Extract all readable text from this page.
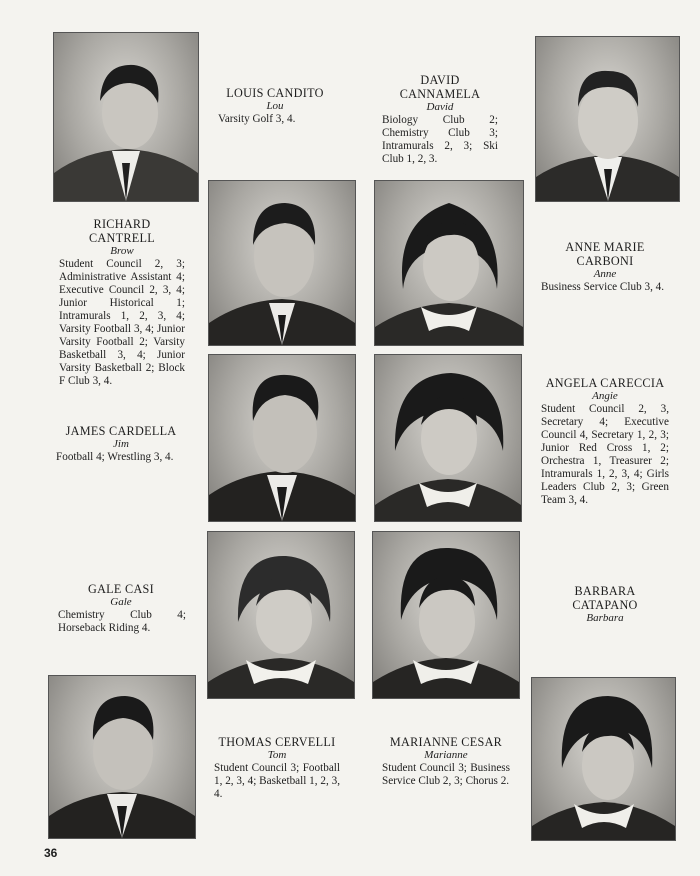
LOUIS CANDITO
Lou
Varsity Golf 3, 4.
DAVID CANNAMELA
David
Biology Club 2; Chemistry Club 3; Intramurals 2, 3; Ski Club 1, 2, 3.
RICHARD CANTRELL
Brow
Student Council 2, 3; Administrative Assistant 4; Executive Council 2, 3, 4; Junior Historical 1; Intramurals 1, 2, 3, 4; Varsity Football 3, 4; Junior Varsity Football 2; Varsity Basketball 3, 4; Junior Varsity Basketball 2; Block F Club 3, 4.
ANNE MARIE CARBONI
Anne
Business Service Club 3, 4.
JAMES CARDELLA
Jim
Football 4; Wrestling 3, 4.
ANGELA CARECCIA
Angie
Student Council 2, 3, Secretary 4; Executive Council 4, Secretary 1, 2, 3; Junior Red Cross 1, 2; Orchestra 1, Treasurer 2; Intramurals 1, 2, 3, 4; Girls Leaders Club 2, 3; Green Team 3, 4.
GALE CASI
Gale
Chemistry Club 4; Horseback Riding 4.
BARBARA CATAPANO
Barbara
THOMAS CERVELLI
Tom
Student Council 3; Football 1, 2, 3, 4; Basketball 1, 2, 3, 4.
MARIANNE CESAR
Marianne
Student Council 3; Business Service Club 2, 3; Chorus 2.
36
